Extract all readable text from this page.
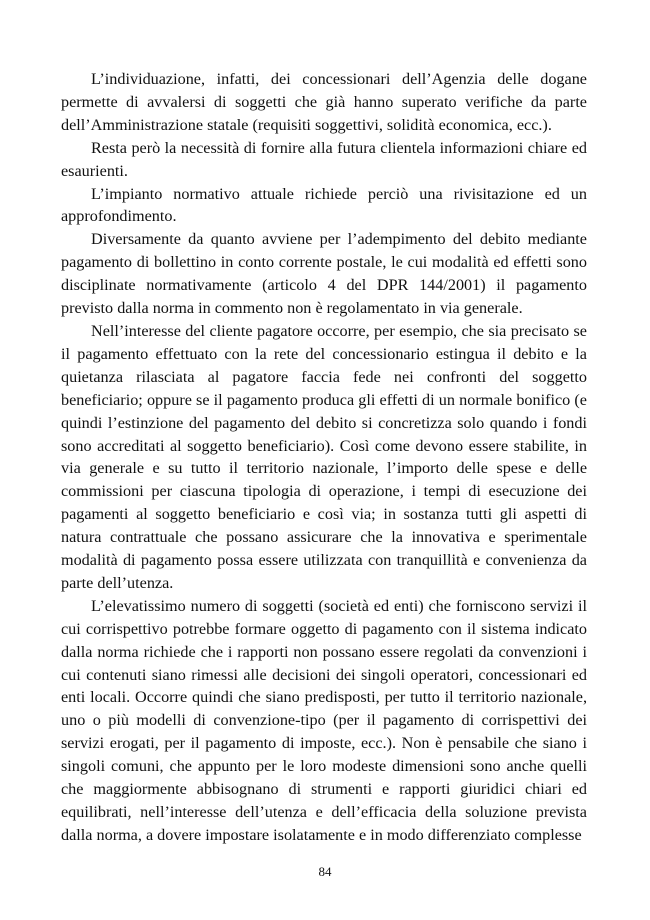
L’individuazione, infatti, dei concessionari dell’Agenzia delle dogane permette di avvalersi di soggetti che già hanno superato verifiche da parte dell’Amministrazione statale (requisiti soggettivi, solidità economica, ecc.).

Resta però la necessità di fornire alla futura clientela informazioni chiare ed esaurienti.

L’impianto normativo attuale richiede perciò una rivisitazione ed un approfondimento.

Diversamente da quanto avviene per l’adempimento del debito mediante pagamento di bollettino in conto corrente postale, le cui modalità ed effetti sono disciplinate normativamente (articolo 4 del DPR 144/2001) il pagamento previsto dalla norma in commento non è regolamentato in via generale.

Nell’interesse del cliente pagatore occorre, per esempio, che sia precisato se il pagamento effettuato con la rete del concessionario estingua il debito e la quietanza rilasciata al pagatore faccia fede nei confronti del soggetto beneficiario; oppure se il pagamento produca gli effetti di un normale bonifico (e quindi l’estinzione del pagamento del debito si concretizza solo quando i fondi sono accreditati al soggetto beneficiario). Così come devono essere stabilite, in via generale e su tutto il territorio nazionale, l’importo delle spese e delle commissioni per ciascuna tipologia di operazione, i tempi di esecuzione dei pagamenti al soggetto beneficiario e così via; in sostanza tutti gli aspetti di natura contrattuale che possano assicurare che la innovativa e sperimentale modalità di pagamento possa essere utilizzata con tranquillità e convenienza da parte dell’utenza.

L’elevatissimo numero di soggetti (società ed enti) che forniscono servizi il cui corrispettivo potrebbe formare oggetto di pagamento con il sistema indicato dalla norma richiede che i rapporti non possano essere regolati da convenzioni i cui contenuti siano rimessi alle decisioni dei singoli operatori, concessionari ed enti locali. Occorre quindi che siano predisposti, per tutto il territorio nazionale, uno o più modelli di convenzione-tipo (per il pagamento di corrispettivi dei servizi erogati, per il pagamento di imposte, ecc.). Non è pensabile che siano i singoli comuni, che appunto per le loro modeste dimensioni sono anche quelli che maggiormente abbisognano di strumenti e rapporti giuridici chiari ed equilibrati, nell’interesse dell’utenza e dell’efficacia della soluzione prevista dalla norma, a dovere impostare isolatamente e in modo differenziato complesse

84
